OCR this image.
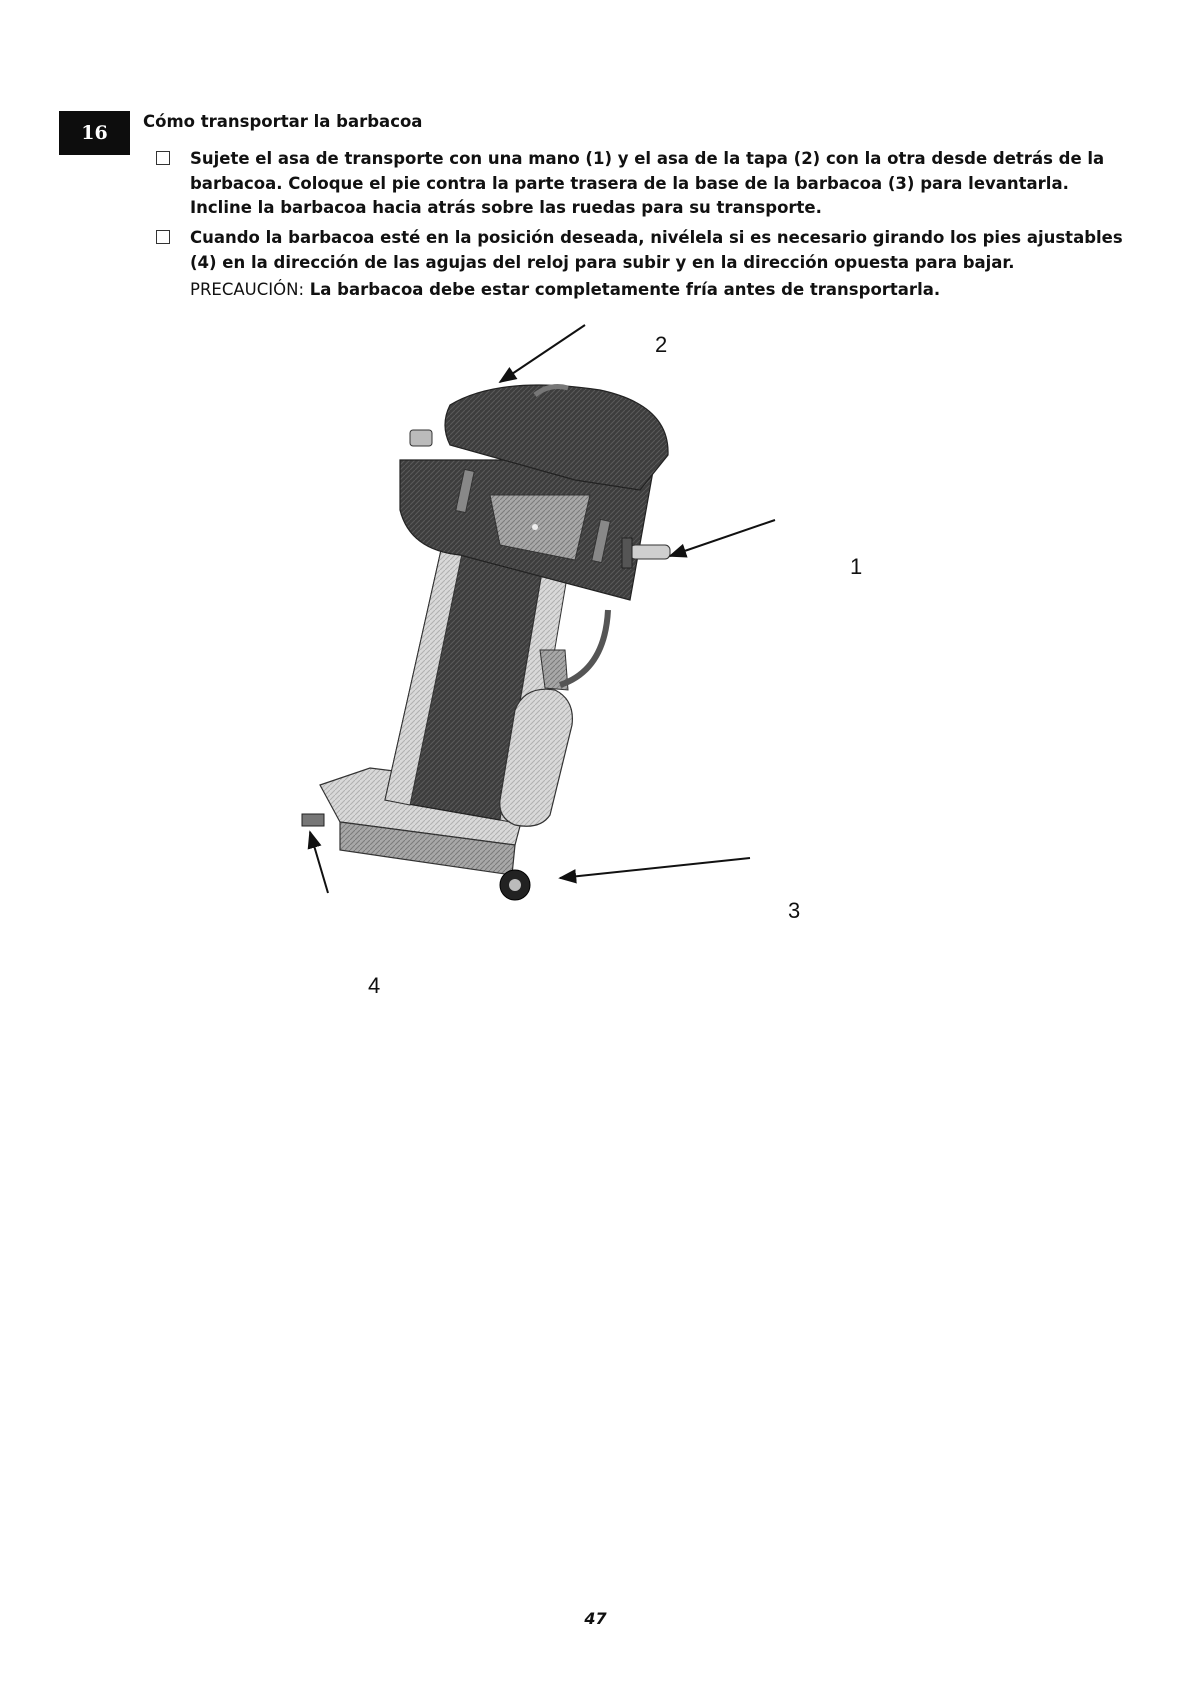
16
Cómo transportar la barbacoa
Sujete el asa de transporte con una mano (1) y el asa de la tapa (2) con la otra desde detrás de la barbacoa. Coloque el pie contra la parte trasera de la base de la barbacoa (3) para levantarla. Incline la barbacoa hacia atrás sobre las ruedas para su transporte.
Cuando la barbacoa esté en la posición deseada, nivélela si es necesario girando los pies ajustables (4) en la dirección de las agujas del reloj para subir y en la dirección opuesta para bajar.
PRECAUCIÓN: La barbacoa debe estar completamente fría antes de transportarla.
2
1
3
4
47
